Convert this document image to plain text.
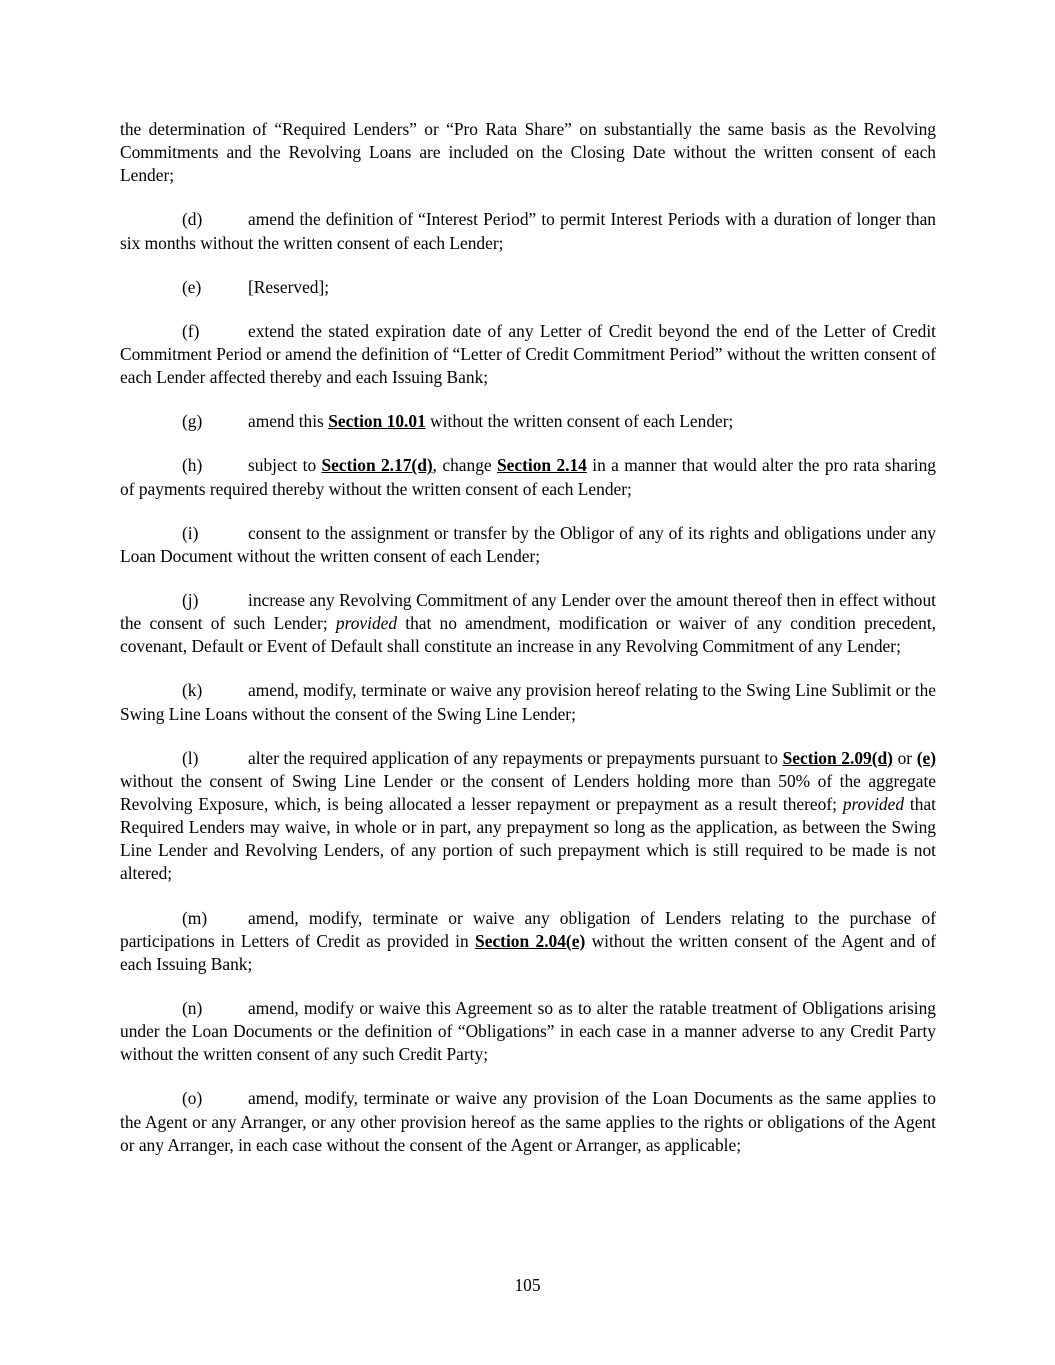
the determination of “Required Lenders” or “Pro Rata Share” on substantially the same basis as the Revolving Commitments and the Revolving Loans are included on the Closing Date without the written consent of each Lender;

(d)	amend the definition of “Interest Period” to permit Interest Periods with a duration of longer than six months without the written consent of each Lender;

(e)	[Reserved];

(f)	extend the stated expiration date of any Letter of Credit beyond the end of the Letter of Credit Commitment Period or amend the definition of “Letter of Credit Commitment Period” without the written consent of each Lender affected thereby and each Issuing Bank;

(g)	amend this Section 10.01 without the written consent of each Lender;

(h)	subject to Section 2.17(d), change Section 2.14 in a manner that would alter the pro rata sharing of payments required thereby without the written consent of each Lender;

(i)	consent to the assignment or transfer by the Obligor of any of its rights and obligations under any Loan Document without the written consent of each Lender;

(j)	increase any Revolving Commitment of any Lender over the amount thereof then in effect without the consent of such Lender; provided that no amendment, modification or waiver of any condition precedent, covenant, Default or Event of Default shall constitute an increase in any Revolving Commitment of any Lender;

(k)	amend, modify, terminate or waive any provision hereof relating to the Swing Line Sublimit or the Swing Line Loans without the consent of the Swing Line Lender;

(l)	alter the required application of any repayments or prepayments pursuant to Section 2.09(d) or (e) without the consent of Swing Line Lender or the consent of Lenders holding more than 50% of the aggregate Revolving Exposure, which, is being allocated a lesser repayment or prepayment as a result thereof; provided that Required Lenders may waive, in whole or in part, any prepayment so long as the application, as between the Swing Line Lender and Revolving Lenders, of any portion of such prepayment which is still required to be made is not altered;

(m) amend, modify, terminate or waive any obligation of Lenders relating to the purchase of participations in Letters of Credit as provided in Section 2.04(e) without the written consent of the Agent and of each Issuing Bank;

(n)	amend, modify or waive this Agreement so as to alter the ratable treatment of Obligations arising under the Loan Documents or the definition of “Obligations” in each case in a manner adverse to any Credit Party without the written consent of any such Credit Party;

(o)	amend, modify, terminate or waive any provision of the Loan Documents as the same applies to the Agent or any Arranger, or any other provision hereof as the same applies to the rights or obligations of the Agent or any Arranger, in each case without the consent of the Agent or Arranger, as applicable;

105
